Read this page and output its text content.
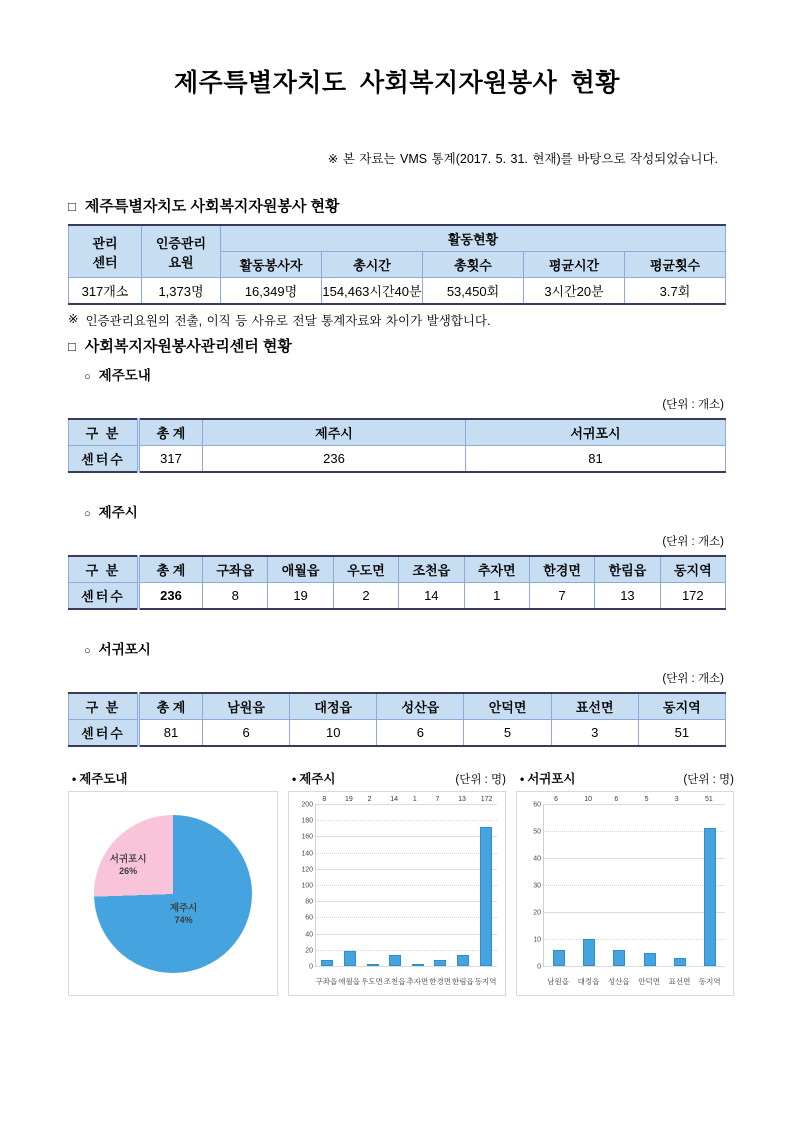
제주특별자치도 사회복지자원봉사 현황
※ 본 자료는 VMS 통계(2017. 5. 31. 현재)를 바탕으로 작성되었습니다.
□ 제주특별자치도 사회복지자원봉사 현황
관리
센터

인증관리
요원
	활동현황
		활동봉사자	총시간	총횟수	평균시간	평균횟수
317개소	1,373명	16,349명	154,463시간40분	53,450회	3시간20분	3.7회
※ 인증관리요원의 전출, 이직 등 사유로 전달 통계자료와 차이가 발생합니다.
□ 사회복지자원봉사관리센터 현황
○ 제주도내
(단위 : 개소)
구 분	총 계	제주시	서귀포시
센터수	317	236	81
○ 제주시
(단위 : 개소)
구 분	총 계	구좌읍	애월읍	우도면	조천읍	추자면	한경면	한림읍	동지역
센터수	236	8	19	2	14	1	7	13	172
○ 서귀포시
(단위 : 개소)
구 분	총 계	남원읍	대정읍	성산읍	안덕면	표선면	동지역
센터수	81	6	10	6	5	3	51
• 제주도내
제주시
74%
서귀포시
26%
• 제주시	(단위 : 명)
200
180
160
140
120
100
80
60
40
20
0
8	19 2	14 1	7	13 172
구좌읍 애월읍 우도면 조천읍 추자면 한경면 한림읍 동지역
• 서귀포시	(단위 : 명)
60
50
40
30
20
10
0
6	10	6	5	3	51
남원읍	대정읍	성산읍	안덕면	표선면	동지역
